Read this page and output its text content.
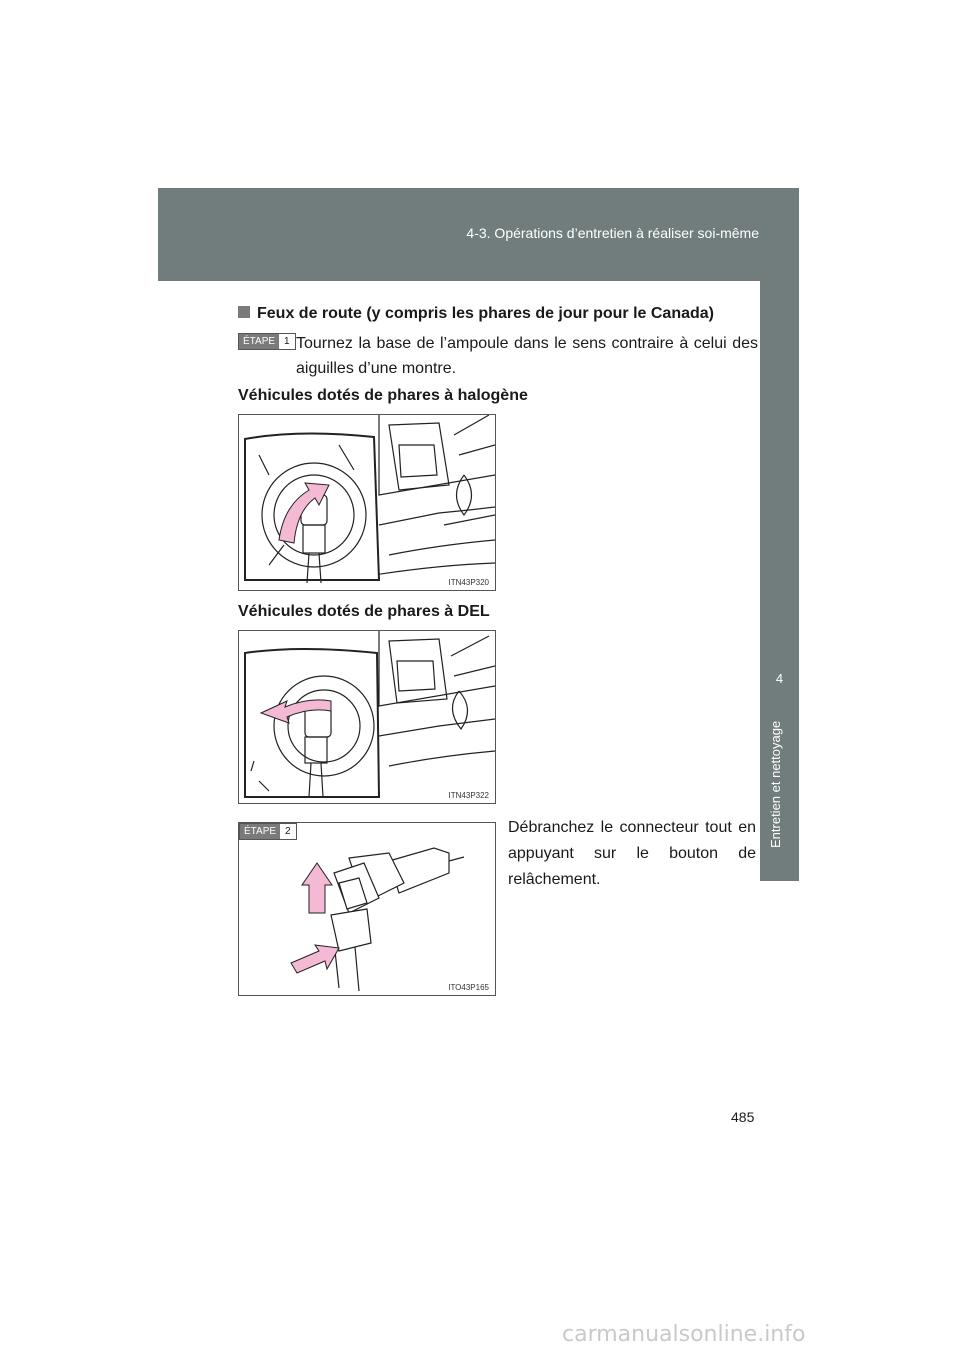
4-3. Opérations d’entretien à réaliser soi-même
4
Entretien et nettoyage
Feux de route (y compris les phares de jour pour le Canada)
ÉTAPE 1 Tournez la base de l’ampoule dans le sens contraire à celui des aiguilles d’une montre.
Véhicules dotés de phares à halogène
ITN43P320
Véhicules dotés de phares à DEL
ITN43P322
ÉTAPE 2
ITO43P165
Débranchez le connecteur tout en appuyant sur le bouton de relâchement.
485
carmanualsonline.info
